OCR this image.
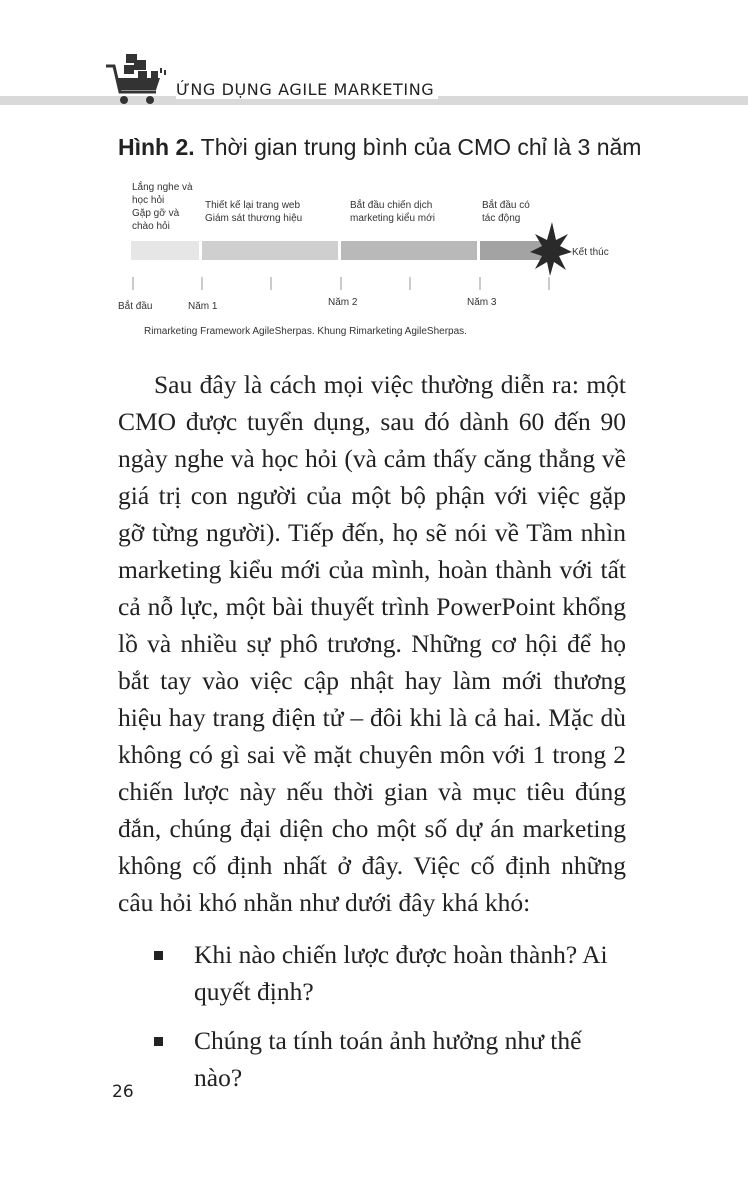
ỨNG DỤNG AGILE MARKETING
Hình 2. Thời gian trung bình của CMO chỉ là 3 năm
Lắng nghe và
học hỏi
Gặp gỡ và
chào hỏi
Thiết kế lại trang web
Giám sát thương hiệu
Bắt đầu chiến dịch
marketing kiểu mới
Bắt đầu có
tác động
Kết thúc
Bắt đầu	Năm 1	Năm 2	Năm 3
Rimarketing Framework AgileSherpas. Khung Rimarketing AgileSherpas.

Sau đây là cách mọi việc thường diễn ra: một CMO được tuyển dụng, sau đó dành 60 đến 90 ngày nghe và học hỏi (và cảm thấy căng thẳng về giá trị con người của một bộ phận với việc gặp gỡ từng người). Tiếp đến, họ sẽ nói về Tầm nhìn marketing kiểu mới của mình, hoàn thành với tất cả nỗ lực, một bài thuyết trình PowerPoint khổng lồ và nhiều sự phô trương. Những cơ hội để họ bắt tay vào việc cập nhật hay làm mới thương hiệu hay trang điện tử – đôi khi là cả hai. Mặc dù không có gì sai về mặt chuyên môn với 1 trong 2 chiến lược này nếu thời gian và mục tiêu đúng đắn, chúng đại diện cho một số dự án marketing không cố định nhất ở đây. Việc cố định những câu hỏi khó nhằn như dưới đây khá khó:

Khi nào chiến lược được hoàn thành? Ai quyết định?
Chúng ta tính toán ảnh hưởng như thế nào?
26
